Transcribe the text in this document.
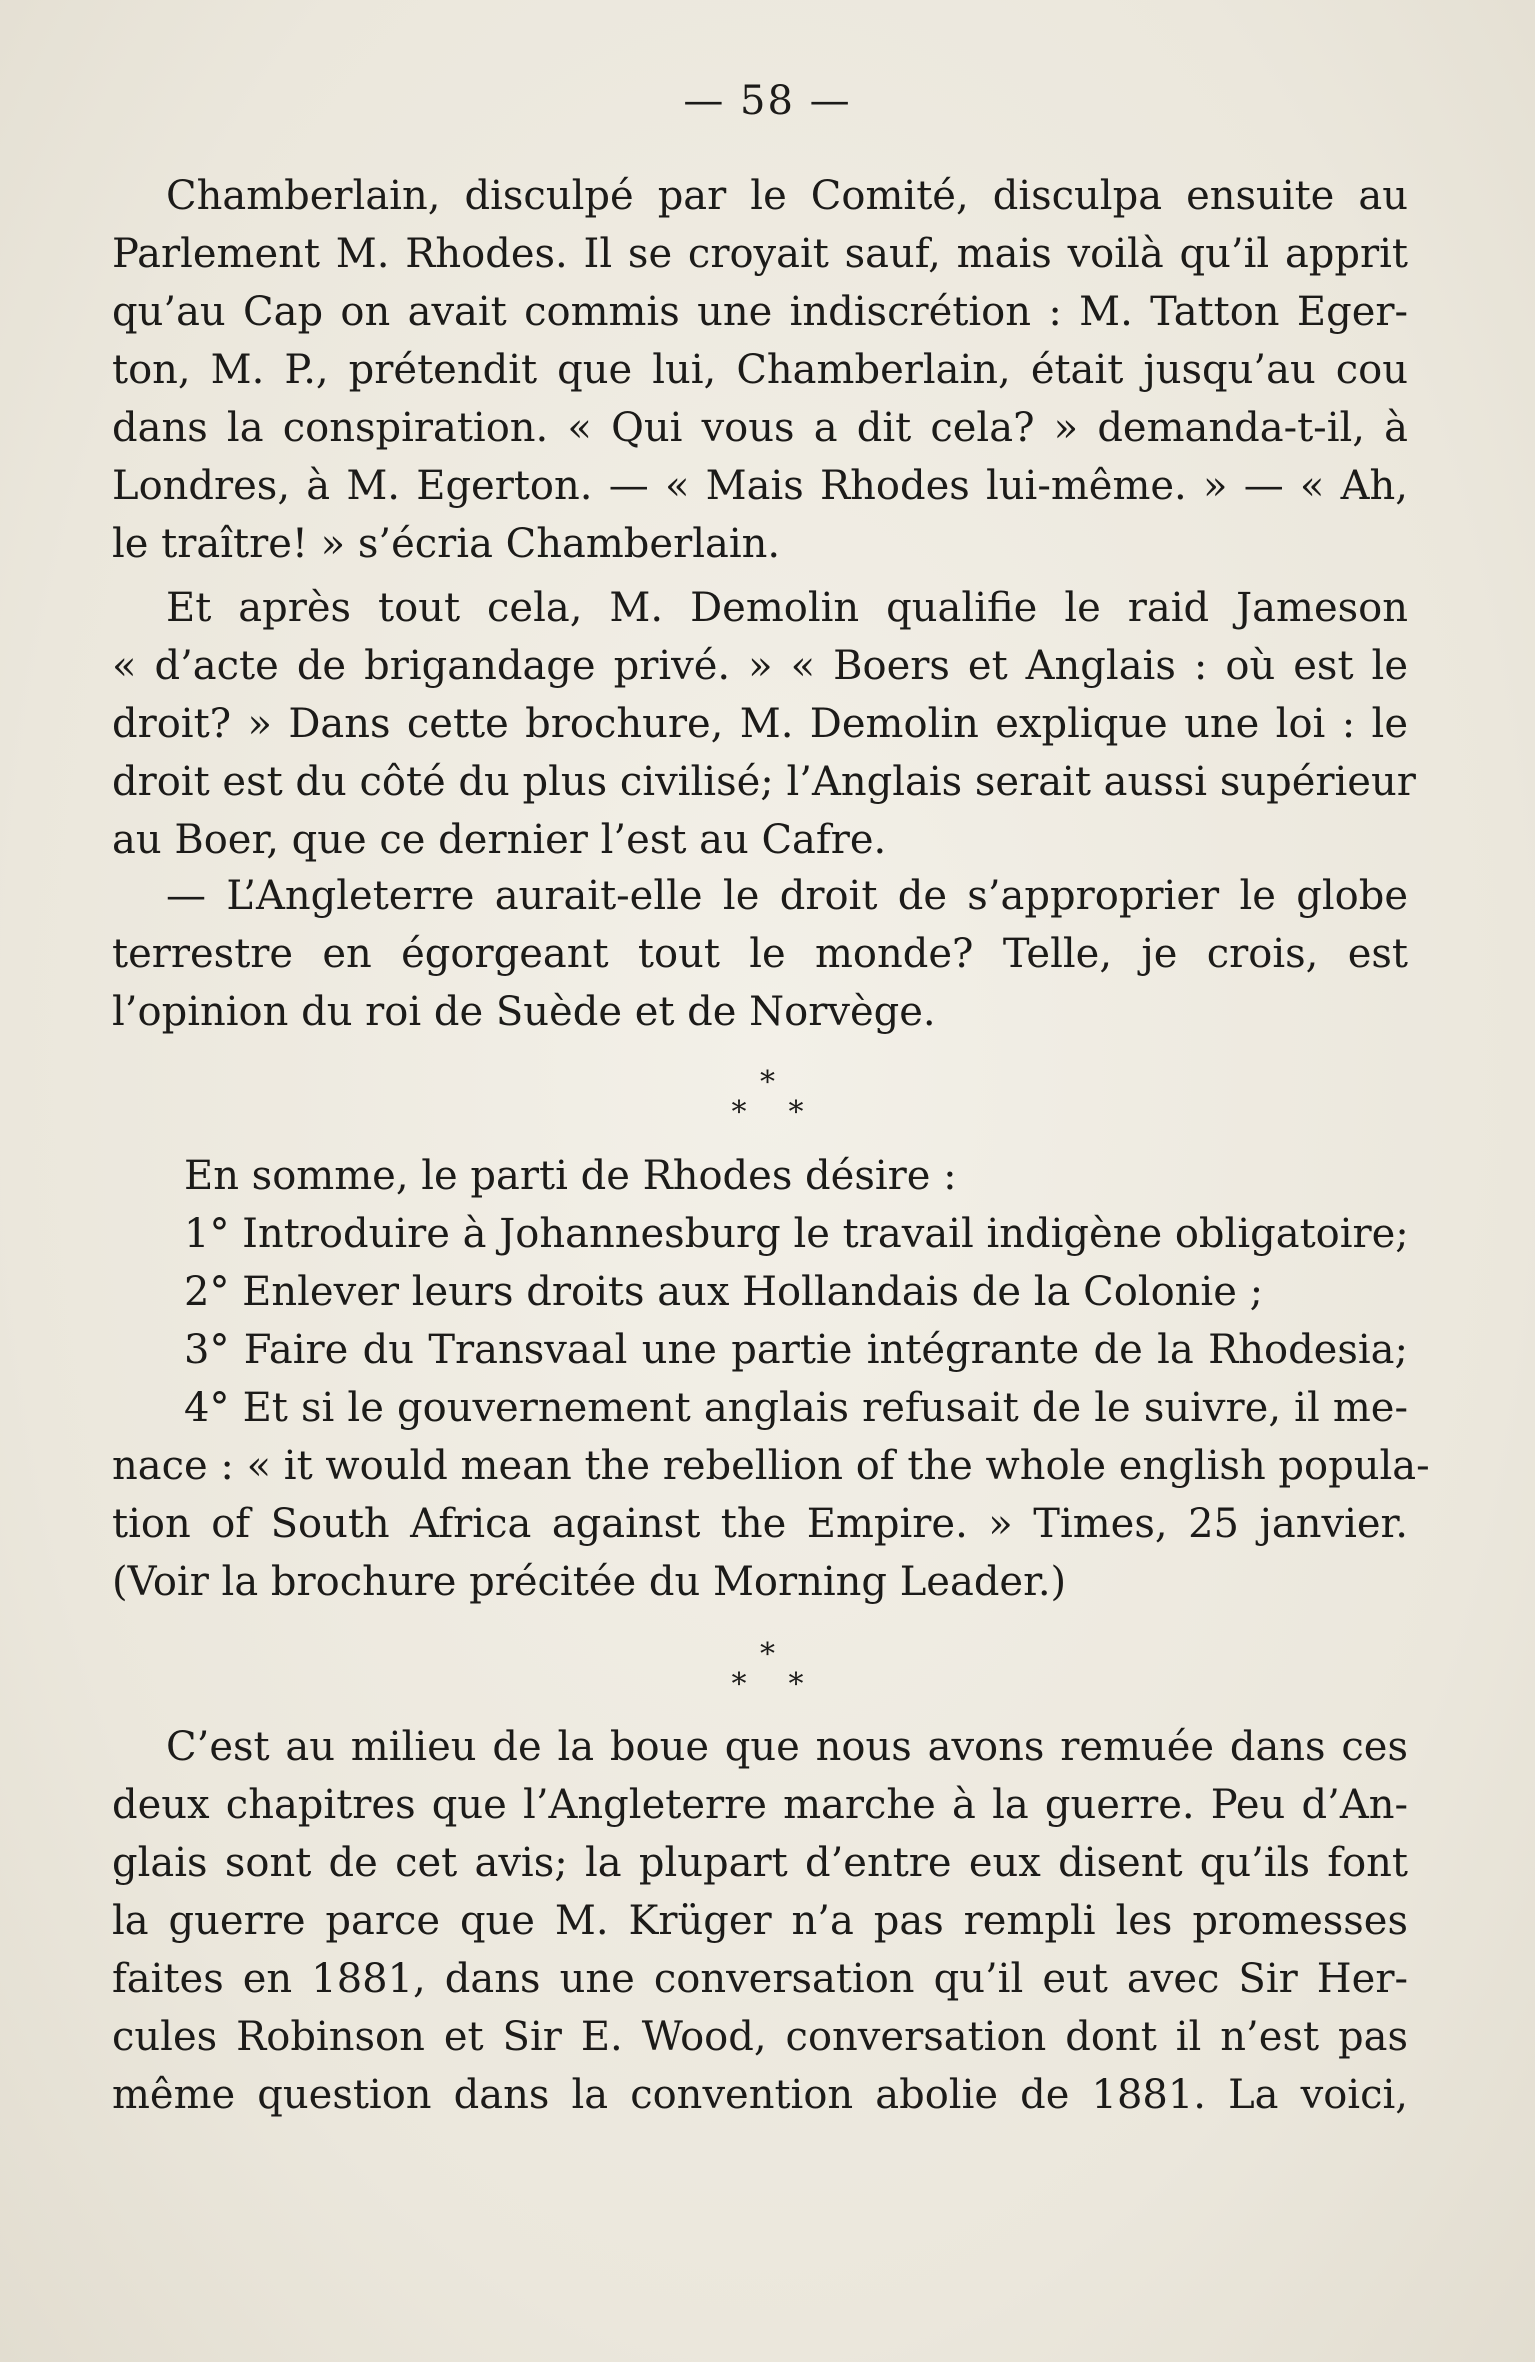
— 58 —
Chamberlain, disculpé par le Comité, disculpa ensuite au
Parlement M. Rhodes. Il se croyait sauf, mais voilà qu’il apprit
qu’au Cap on avait commis une indiscrétion : M. Tatton Eger-
ton, M. P., prétendit que lui, Chamberlain, était jusqu’au cou
dans la conspiration. « Qui vous a dit cela? » demanda-t-il, à
Londres, à M. Egerton. — « Mais Rhodes lui-même. » — « Ah,
le traître! » s’écria Chamberlain.
Et après tout cela, M. Demolin qualifie le raid Jameson
« d’acte de brigandage privé. » « Boers et Anglais : où est le
droit? » Dans cette brochure, M. Demolin explique une loi : le
droit est du côté du plus civilisé; l’Anglais serait aussi supérieur
au Boer, que ce dernier l’est au Cafre.
— L’Angleterre aurait-elle le droit de s’approprier le globe
terrestre en égorgeant tout le monde? Telle, je crois, est
l’opinion du roi de Suède et de Norvège.
*
**
En somme, le parti de Rhodes désire :
1° Introduire à Johannesburg le travail indigène obligatoire;
2° Enlever leurs droits aux Hollandais de la Colonie ;
3° Faire du Transvaal une partie intégrante de la Rhodesia;
4° Et si le gouvernement anglais refusait de le suivre, il me-
nace : « it would mean the rebellion of the whole english popula-
tion of South Africa against the Empire. » Times, 25 janvier.
(Voir la brochure précitée du Morning Leader.)
*
**
C’est au milieu de la boue que nous avons remuée dans ces
deux chapitres que l’Angleterre marche à la guerre. Peu d’An-
glais sont de cet avis; la plupart d’entre eux disent qu’ils font
la guerre parce que M. Krüger n’a pas rempli les promesses
faites en 1881, dans une conversation qu’il eut avec Sir Her-
cules Robinson et Sir E. Wood, conversation dont il n’est pas
même question dans la convention abolie de 1881. La voici,
